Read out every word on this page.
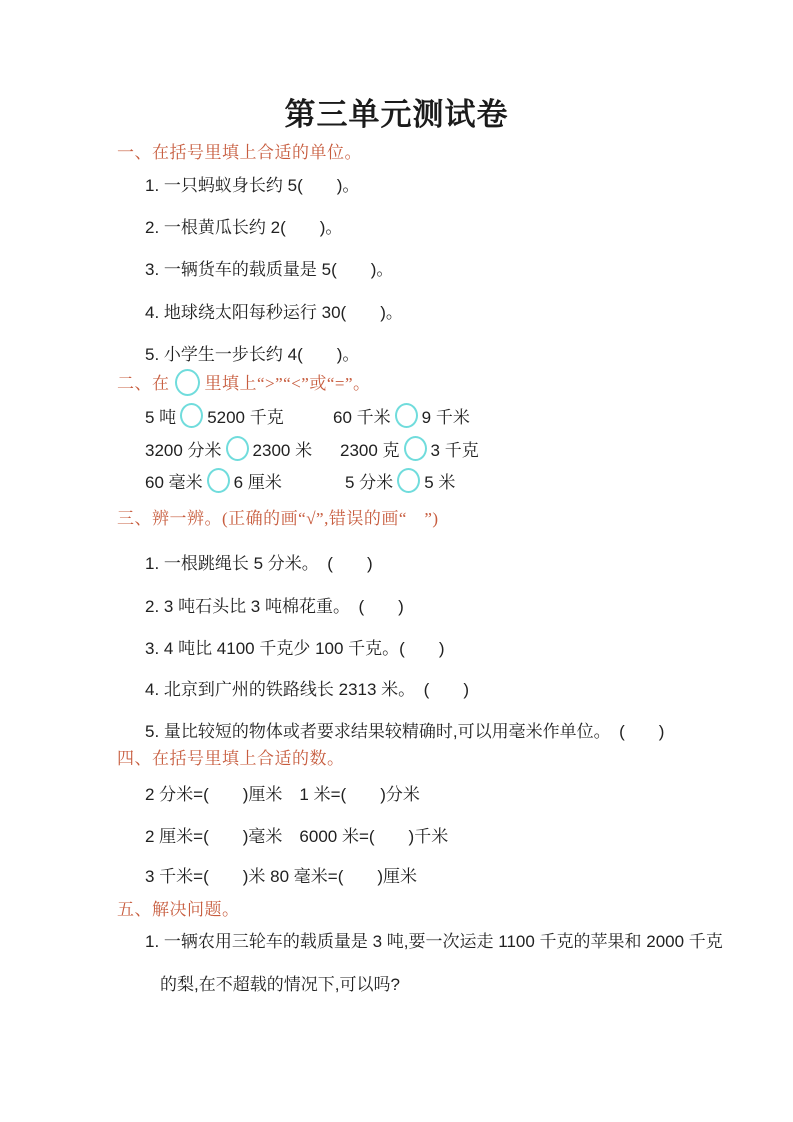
第三单元测试卷
一、在括号里填上合适的单位。
1. 一只蚂蚁身长约 5(　　)。
2. 一根黄瓜长约 2(　　)。
3. 一辆货车的载质量是 5(　　)。
4. 地球绕太阳每秒运行 30(　　)。
5. 小学生一步长约 4(　　)。
二、在 里填上“>”“<”或“=”。
5 吨 5200 千克	60 千米 9 千米
3200 分米 2300 米 2300 克 3 千克
60 毫米 6 厘米	5 分米 5 米
三、辨一辨。(正确的画“√”,错误的画“　”)
1. 一根跳绳长 5 分米。　(　　)
2. 3 吨石头比 3 吨棉花重。　(　　)
3. 4 吨比 4100 千克少 100 千克。(　　)
4. 北京到广州的铁路线长 2313 米。　(　　)
5. 量比较短的物体或者要求结果较精确时,可以用毫米作单位。　(　　)
四、在括号里填上合适的数。
2 分米=(　　)厘米　1 米=(　　)分米
2 厘米=(　　)毫米　6000 米=(　　)千米
3 千米=(　　)米 80 毫米=(　　)厘米
五、解决问题。
1. 一辆农用三轮车的载质量是 3 吨,要一次运走 1100 千克的苹果和 2000 千克
的梨,在不超载的情况下,可以吗?
